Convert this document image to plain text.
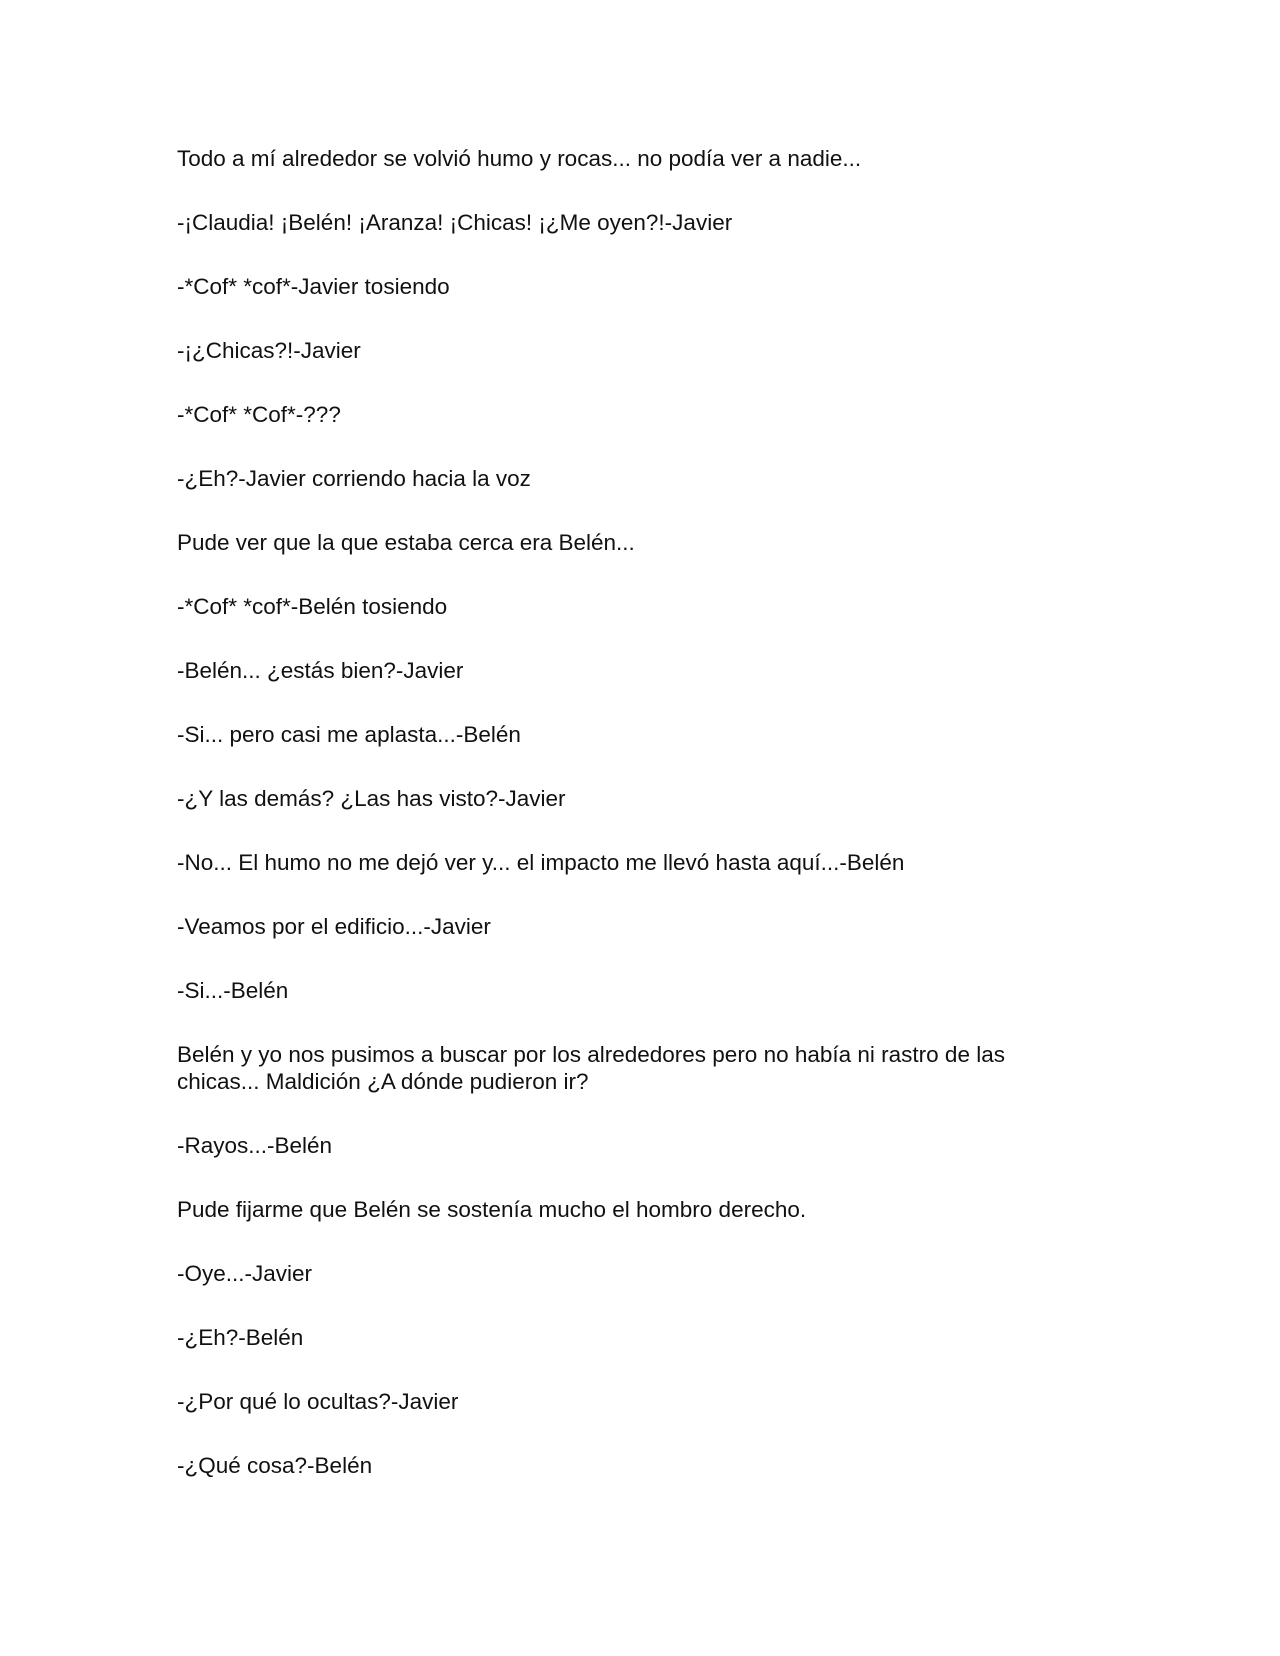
Todo a mí alrededor se volvió humo y rocas... no podía ver a nadie...

-¡Claudia! ¡Belén! ¡Aranza! ¡Chicas! ¡¿Me oyen?!-Javier

-*Cof* *cof*-Javier tosiendo

-¡¿Chicas?!-Javier

-*Cof* *Cof*-???

-¿Eh?-Javier corriendo hacia la voz

Pude ver que la que estaba cerca era Belén...

-*Cof* *cof*-Belén tosiendo

-Belén... ¿estás bien?-Javier

-Si... pero casi me aplasta...-Belén

-¿Y las demás? ¿Las has visto?-Javier

-No... El humo no me dejó ver y... el impacto me llevó hasta aquí...-Belén

-Veamos por el edificio...-Javier

-Si...-Belén

Belén y yo nos pusimos a buscar por los alrededores pero no había ni rastro de las chicas... Maldición ¿A dónde pudieron ir?

-Rayos...-Belén

Pude fijarme que Belén se sostenía mucho el hombro derecho.

-Oye...-Javier

-¿Eh?-Belén

-¿Por qué lo ocultas?-Javier

-¿Qué cosa?-Belén
